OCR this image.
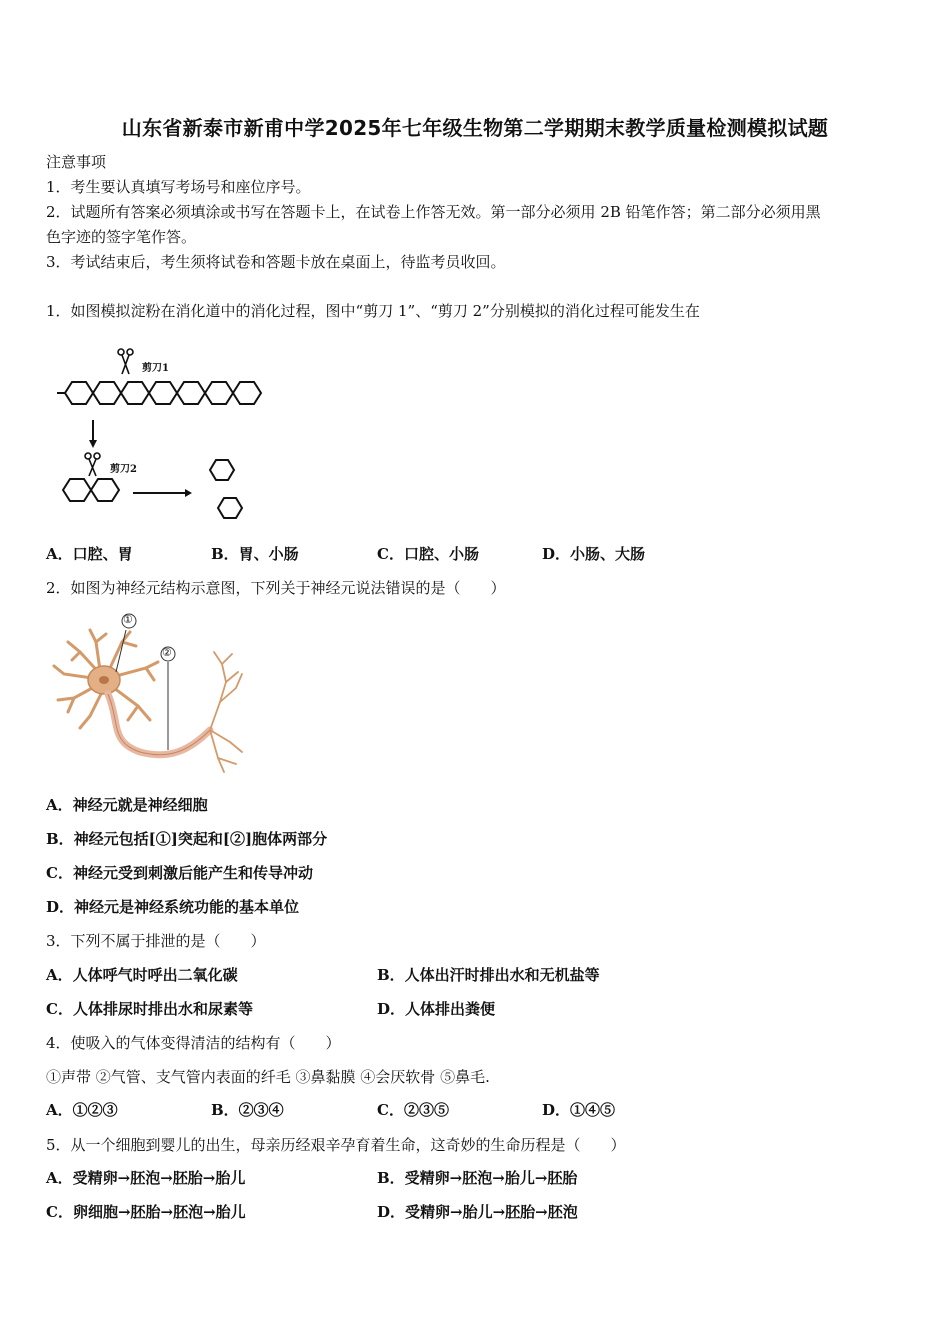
山东省新泰市新甫中学2025年七年级生物第二学期期末教学质量检测模拟试题
注意事项
1．考生要认真填写考场号和座位序号。
2．试题所有答案必须填涂或书写在答题卡上，在试卷上作答无效。第一部分必须用 2B 铅笔作答；第二部分必须用黑
色字迹的签字笔作答。
3．考试结束后，考生须将试卷和答题卡放在桌面上，待监考员收回。
1．如图模拟淀粉在消化道中的消化过程，图中“剪刀 1”、“剪刀 2”分别模拟的消化过程可能发生在
剪刀1
剪刀2
A．口腔、胃	B．胃、小肠	C．口腔、小肠	D．小肠、大肠
2．如图为神经元结构示意图，下列关于神经元说法错误的是（　　）
①
②
A．神经元就是神经细胞
B．神经元包括[①]突起和[②]胞体两部分
C．神经元受到刺激后能产生和传导冲动
D．神经元是神经系统功能的基本单位
3．下列不属于排泄的是（　　）
A．人体呼气时呼出二氧化碳	B．人体出汗时排出水和无机盐等
C．人体排尿时排出水和尿素等	D．人体排出粪便
4．使吸入的气体变得清洁的结构有（　　）
①声带 ②气管、支气管内表面的纤毛 ③鼻黏膜 ④会厌软骨 ⑤鼻毛.
A．①②③	B．②③④	C．②③⑤	D．①④⑤
5．从一个细胞到婴儿的出生，母亲历经艰辛孕育着生命，这奇妙的生命历程是（　　）
A．受精卵→胚泡→胚胎→胎儿	B．受精卵→胚泡→胎儿→胚胎
C．卵细胞→胚胎→胚泡→胎儿	D．受精卵→胎儿→胚胎→胚泡
